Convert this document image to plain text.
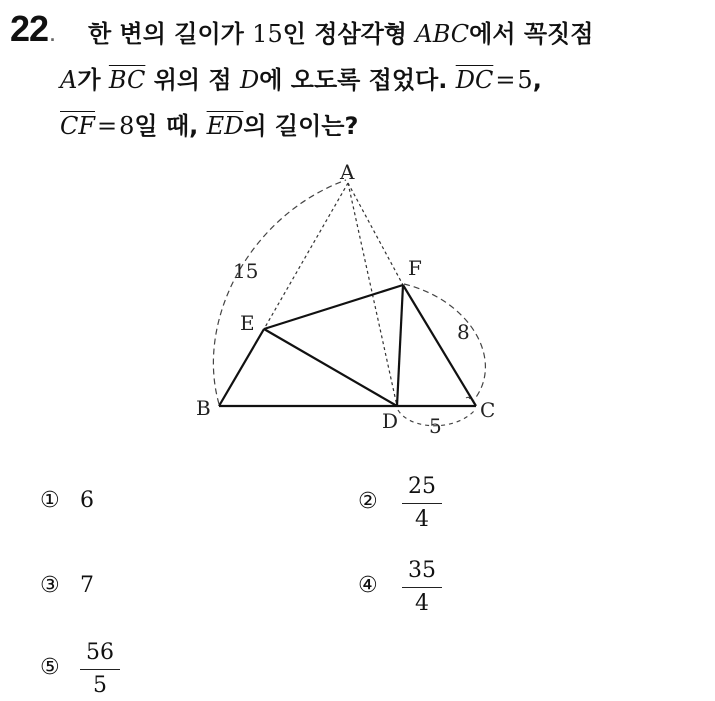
22 . 한 변의 길이가 15인 정삼각형 ABC에서 꼭짓점
A가 $\overline{BC}$ 위의 점 D에 오도록 접었다. $\overline{DC}=5$,
$\overline{CF}=8$일 때, $\overline{ED}$의 길이는?
A
B	C
D
E
F
15
8
5
① 6	②
25
4
③ 7	④
35
4
⑤
56
5
